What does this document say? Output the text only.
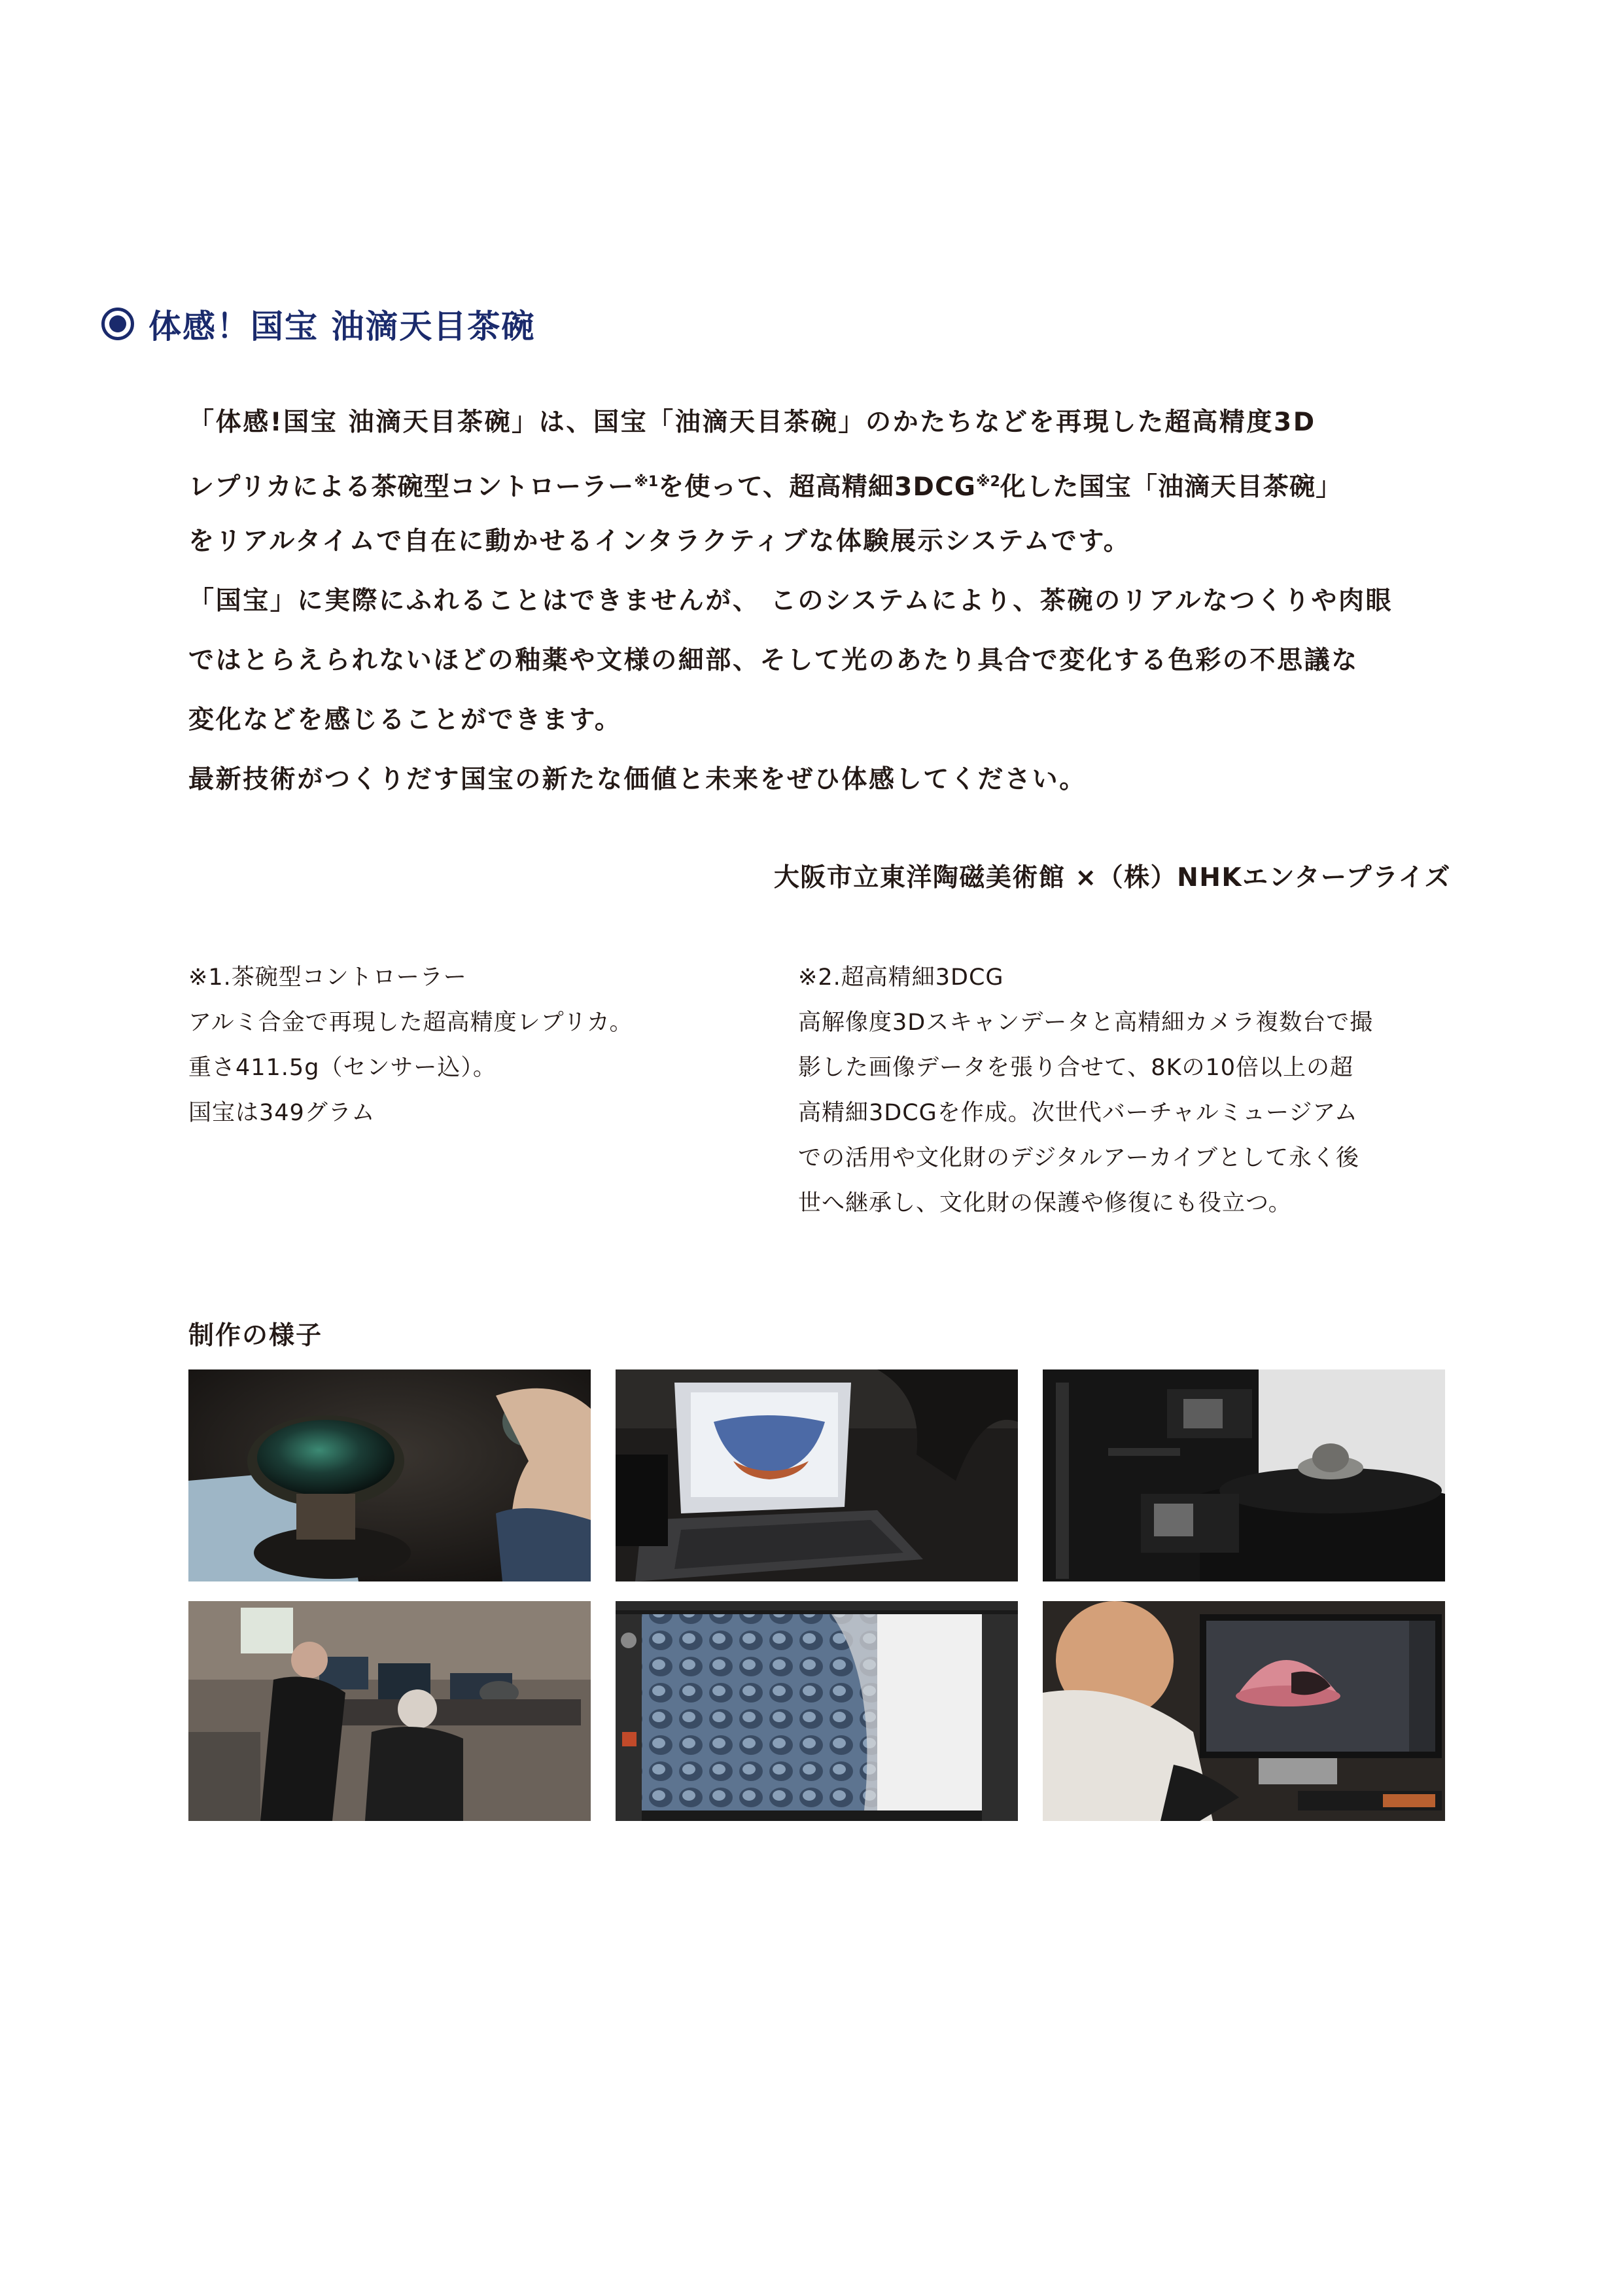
体感！国宝 油滴天目茶碗
「体感!国宝 油滴天目茶碗」は、国宝「油滴天目茶碗」のかたちなどを再現した超高精度3D
レプリカによる茶碗型コントローラー$^{※1}$を使って、超高精細3DCG$^{※2}$化した国宝「油滴天目茶碗」
をリアルタイムで自在に動かせるインタラクティブな体験展示システムです。
「国宝」に実際にふれることはできませんが、 このシステムにより、茶碗のリアルなつくりや肉眼
ではとらえられないほどの釉薬や文様の細部、そして光のあたり具合で変化する色彩の不思議な
変化などを感じることができます。
最新技術がつくりだす国宝の新たな価値と未来をぜひ体感してください。
大阪市立東洋陶磁美術館 ×（株）NHKエンタープライズ
※1.茶碗型コントローラー
アルミ合金で再現した超高精度レプリカ。
重さ411.5g（センサー込）。
国宝は349グラム
※2.超高精細3DCG
高解像度3Dスキャンデータと高精細カメラ複数台で撮
影した画像データを張り合せて、8Kの10倍以上の超
高精細3DCGを作成。次世代バーチャルミュージアム
での活用や文化財のデジタルアーカイブとして永く後
世へ継承し、文化財の保護や修復にも役立つ。
制作の様子
